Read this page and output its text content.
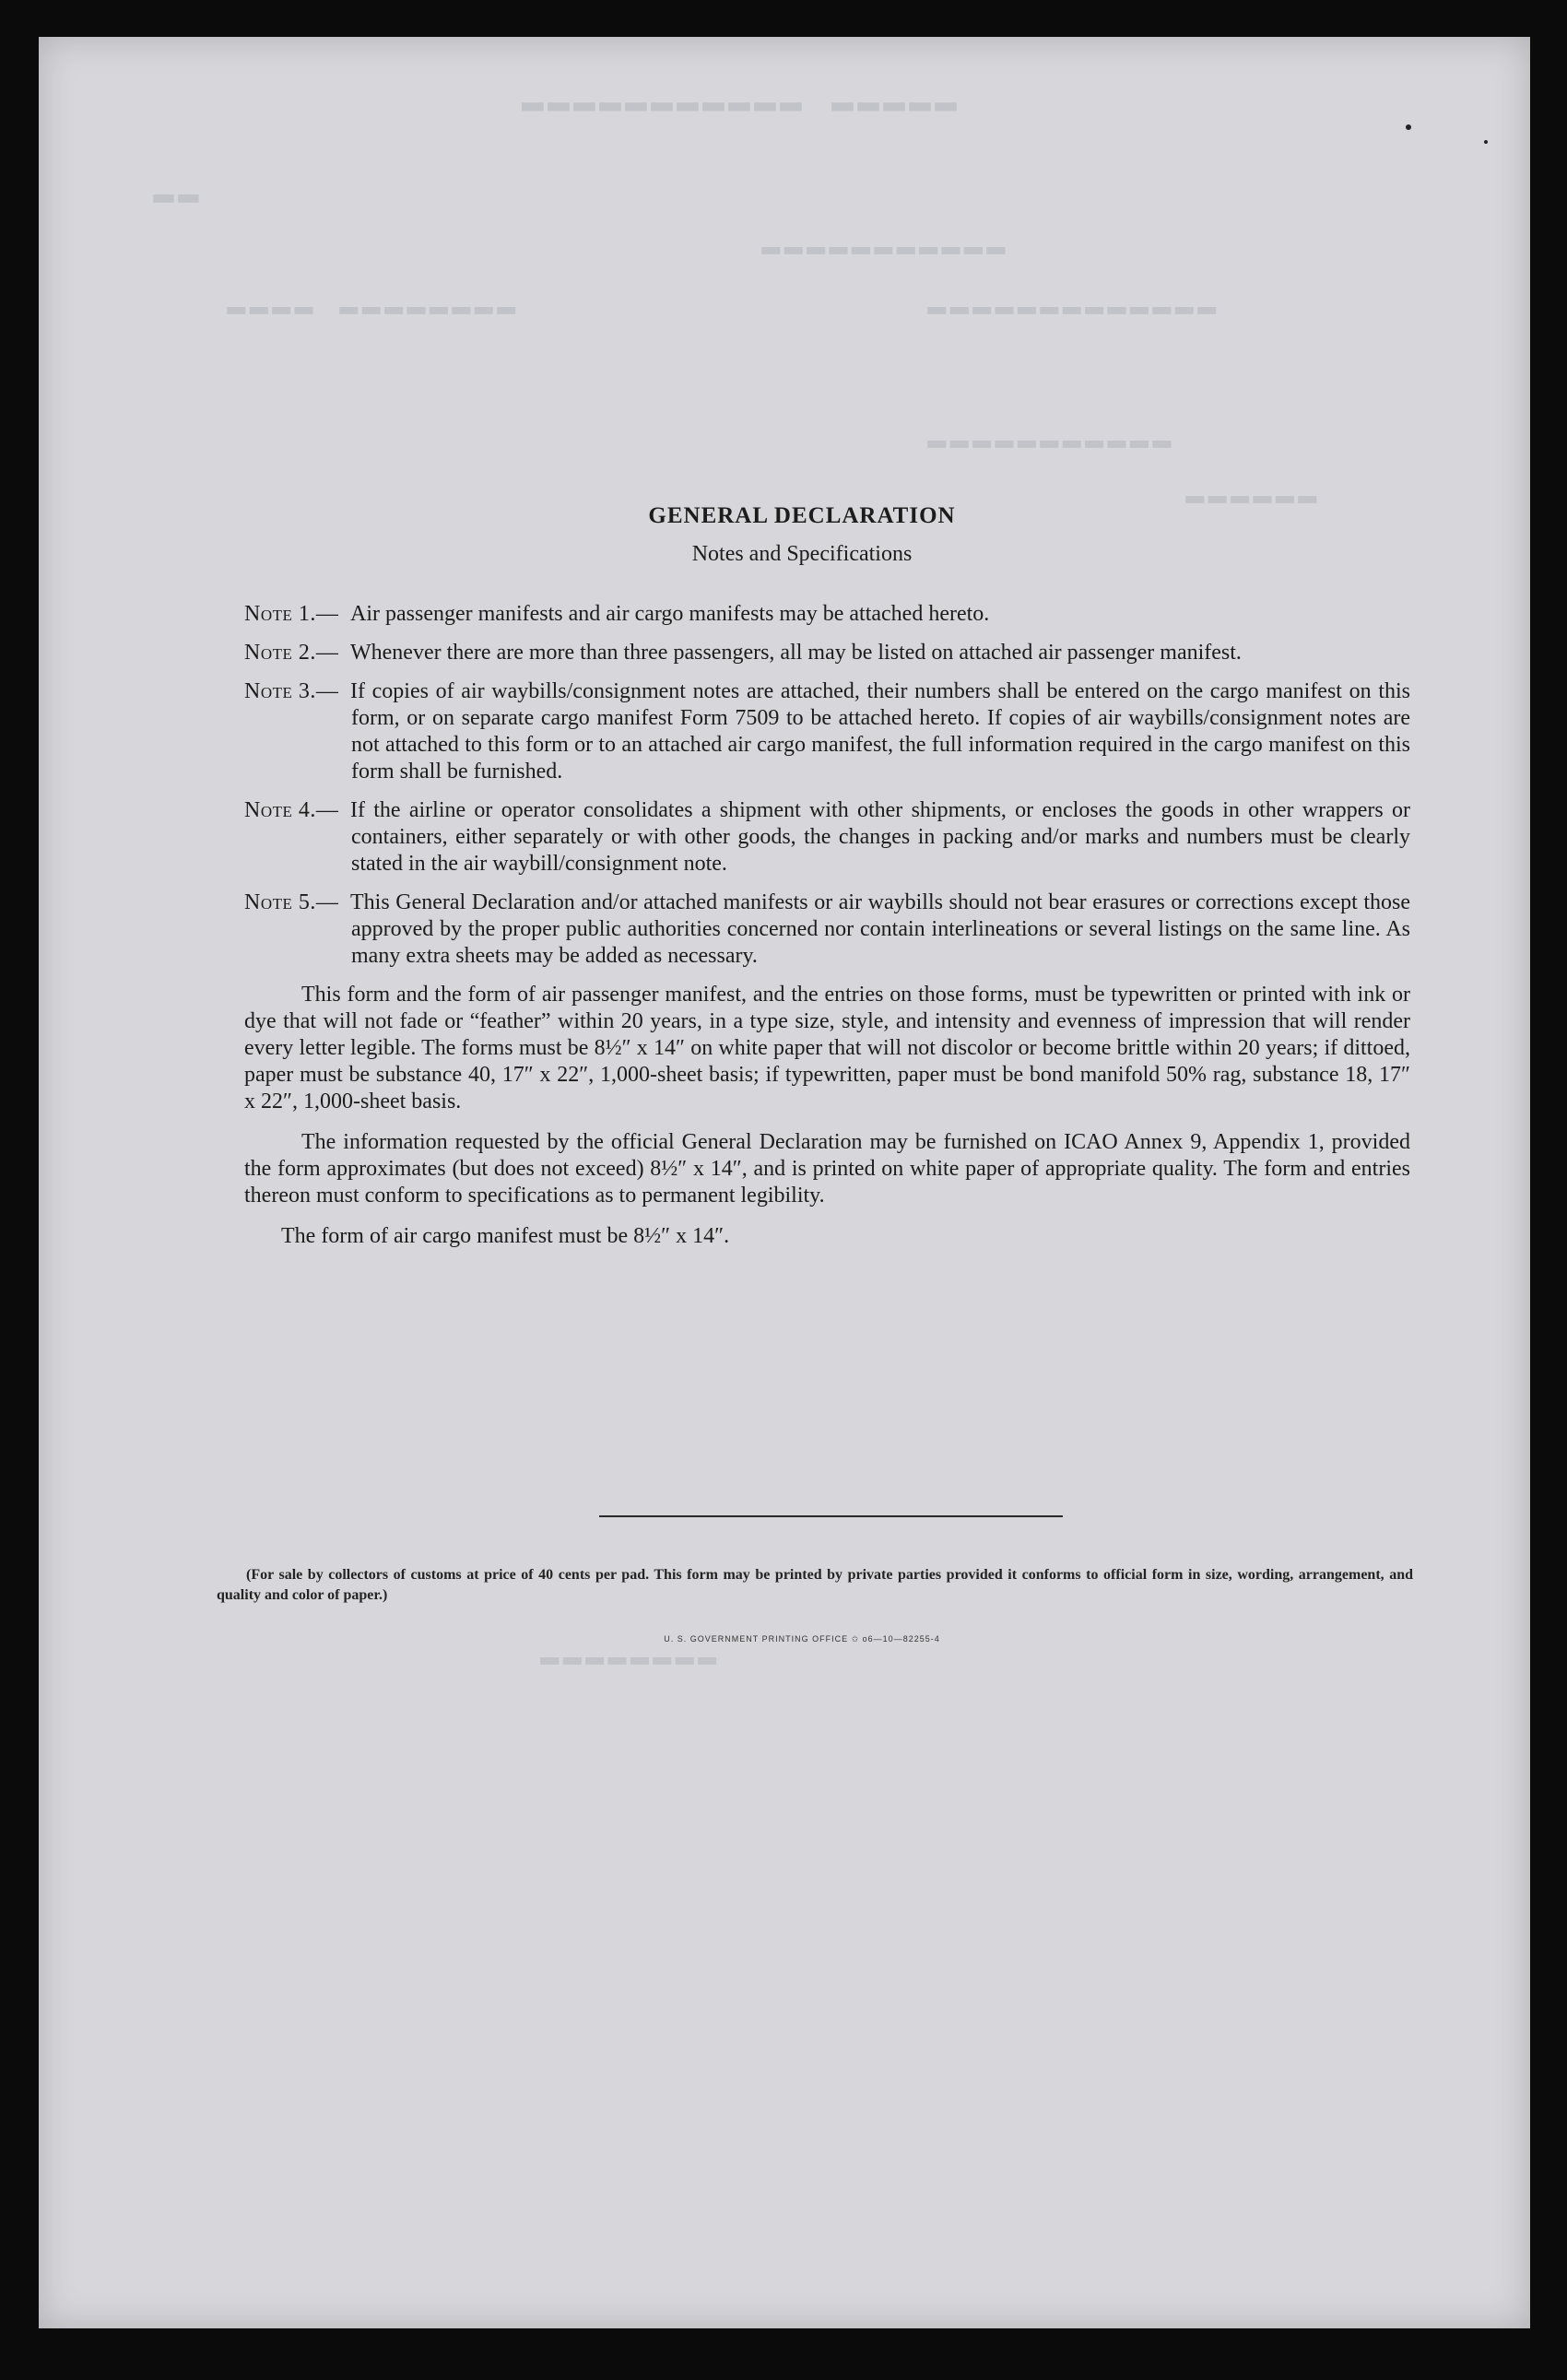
▬▬▬▬▬ ▬▬▬▬▬▬▬▬▬▬▬
▬▬
▬▬▬▬▬▬▬▬▬▬▬
▬▬▬▬▬▬▬▬ ▬▬▬▬	▬▬▬▬▬▬▬▬▬▬▬▬▬
▬▬▬▬▬▬▬▬▬▬▬
▬▬▬▬▬▬
▬▬▬▬▬▬▬▬
GENERAL DECLARATION
Notes and Specifications
Note 1.— Air passenger manifests and air cargo manifests may be attached hereto.
Note 2.— Whenever there are more than three passengers, all may be listed on attached air passenger manifest.
Note 3.— If copies of air waybills/consignment notes are attached, their numbers shall be entered on the cargo manifest on this form, or on separate cargo manifest Form 7509 to be attached hereto. If copies of air waybills/consignment notes are not attached to this form or to an attached air cargo manifest, the full information required in the cargo manifest on this form shall be furnished.
Note 4.— If the airline or operator consolidates a shipment with other shipments, or encloses the goods in other wrappers or containers, either separately or with other goods, the changes in packing and/or marks and numbers must be clearly stated in the air waybill/consignment note.
Note 5.— This General Declaration and/or attached manifests or air waybills should not bear erasures or corrections except those approved by the proper public authorities concerned nor contain interlineations or several listings on the same line. As many extra sheets may be added as necessary.

This form and the form of air passenger manifest, and the entries on those forms, must be typewritten or printed with ink or dye that will not fade or “feather” within 20 years, in a type size, style, and intensity and evenness of impression that will render every letter legible. The forms must be 8½″ x 14″ on white paper that will not discolor or become brittle within 20 years; if dittoed, paper must be substance 40, 17″ x 22″, 1,000-sheet basis; if typewritten, paper must be bond manifold 50% rag, substance 18, 17″ x 22″, 1,000-sheet basis.

The information requested by the official General Declaration may be furnished on ICAO Annex 9, Appendix 1, provided the form approximates (but does not exceed) 8½″ x 14″, and is printed on white paper of appropriate quality. The form and entries thereon must conform to specifications as to permanent legibility.

The form of air cargo manifest must be 8½″ x 14″.

(For sale by collectors of customs at price of 40 cents per pad. This form may be printed by private parties provided it conforms to official form in size, wording, arrangement, and quality and color of paper.)
U. S. GOVERNMENT PRINTING OFFICE ✩ o6—10—82255-4
